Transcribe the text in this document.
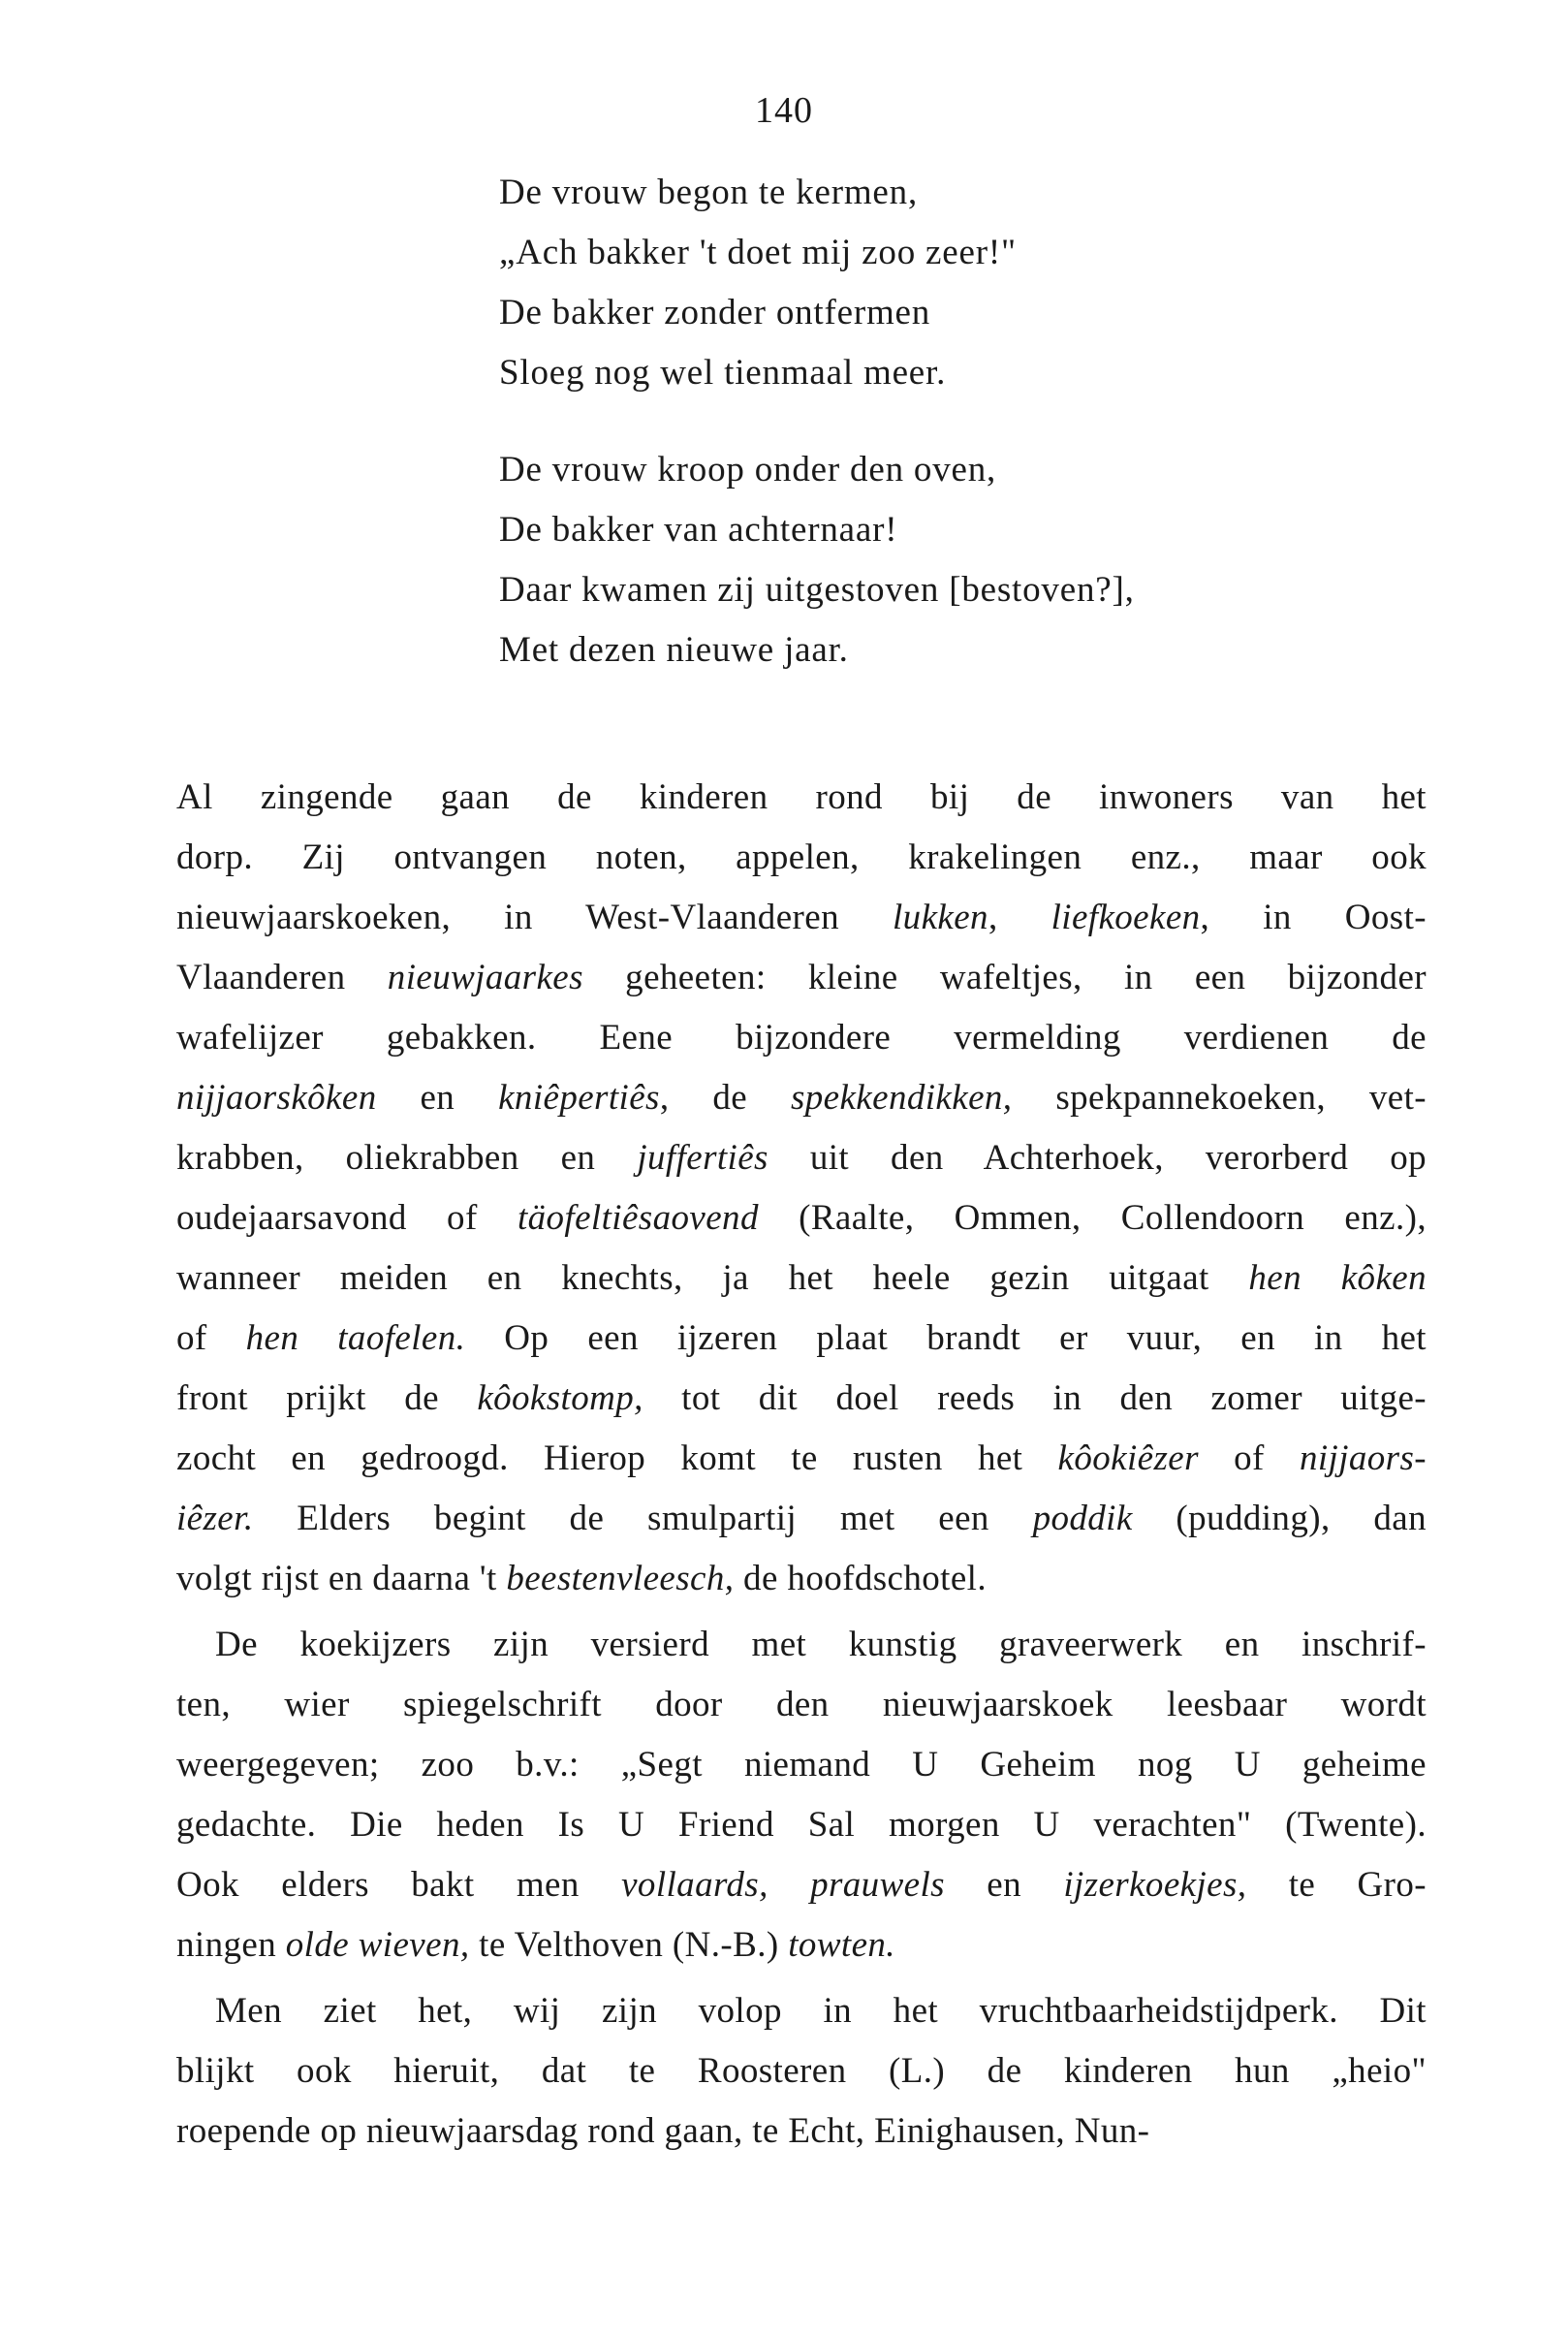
140
De vrouw begon te kermen,
„Ach bakker 't doet mij zoo zeer!"
De bakker zonder ontfermen
Sloeg nog wel tienmaal meer.
De vrouw kroop onder den oven,
De bakker van achternaar!
Daar kwamen zij uitgestoven [bestoven?],
Met dezen nieuwe jaar.
Al zingende gaan de kinderen rond bij de inwoners van het
dorp. Zij ontvangen noten, appelen, krakelingen enz., maar ook
nieuwjaarskoeken, in West-Vlaanderen lukken, liefkoeken, in Oost-
Vlaanderen nieuwjaarkes geheeten: kleine wafeltjes, in een bijzonder
wafelijzer gebakken. Eene bijzondere vermelding verdienen de
nijjaorskôken en kniêpertiês, de spekkendikken, spekpannekoeken, vet-
krabben, oliekrabben en juffertiês uit den Achterhoek, verorberd op
oudejaarsavond of täofeltiêsaovend (Raalte, Ommen, Collendoorn enz.),
wanneer meiden en knechts, ja het heele gezin uitgaat hen kôken
of hen taofelen. Op een ijzeren plaat brandt er vuur, en in het
front prijkt de kôokstomp, tot dit doel reeds in den zomer uitge-
zocht en gedroogd. Hierop komt te rusten het kôokiêzer of nijjaors-
iêzer. Elders begint de smulpartij met een poddik (pudding), dan
volgt rijst en daarna 't beestenvleesch, de hoofdschotel.
De koekijzers zijn versierd met kunstig graveerwerk en inschrif-
ten, wier spiegelschrift door den nieuwjaarskoek leesbaar wordt
weergegeven; zoo b.v.: „Segt niemand U Geheim nog U geheime
gedachte. Die heden Is U Friend Sal morgen U verachten" (Twente).
Ook elders bakt men vollaards, prauwels en ijzerkoekjes, te Gro-
ningen olde wieven, te Velthoven (N.-B.) towten.
Men ziet het, wij zijn volop in het vruchtbaarheidstijdperk. Dit
blijkt ook hieruit, dat te Roosteren (L.) de kinderen hun „heio"
roepende op nieuwjaarsdag rond gaan, te Echt, Einighausen, Nun-
